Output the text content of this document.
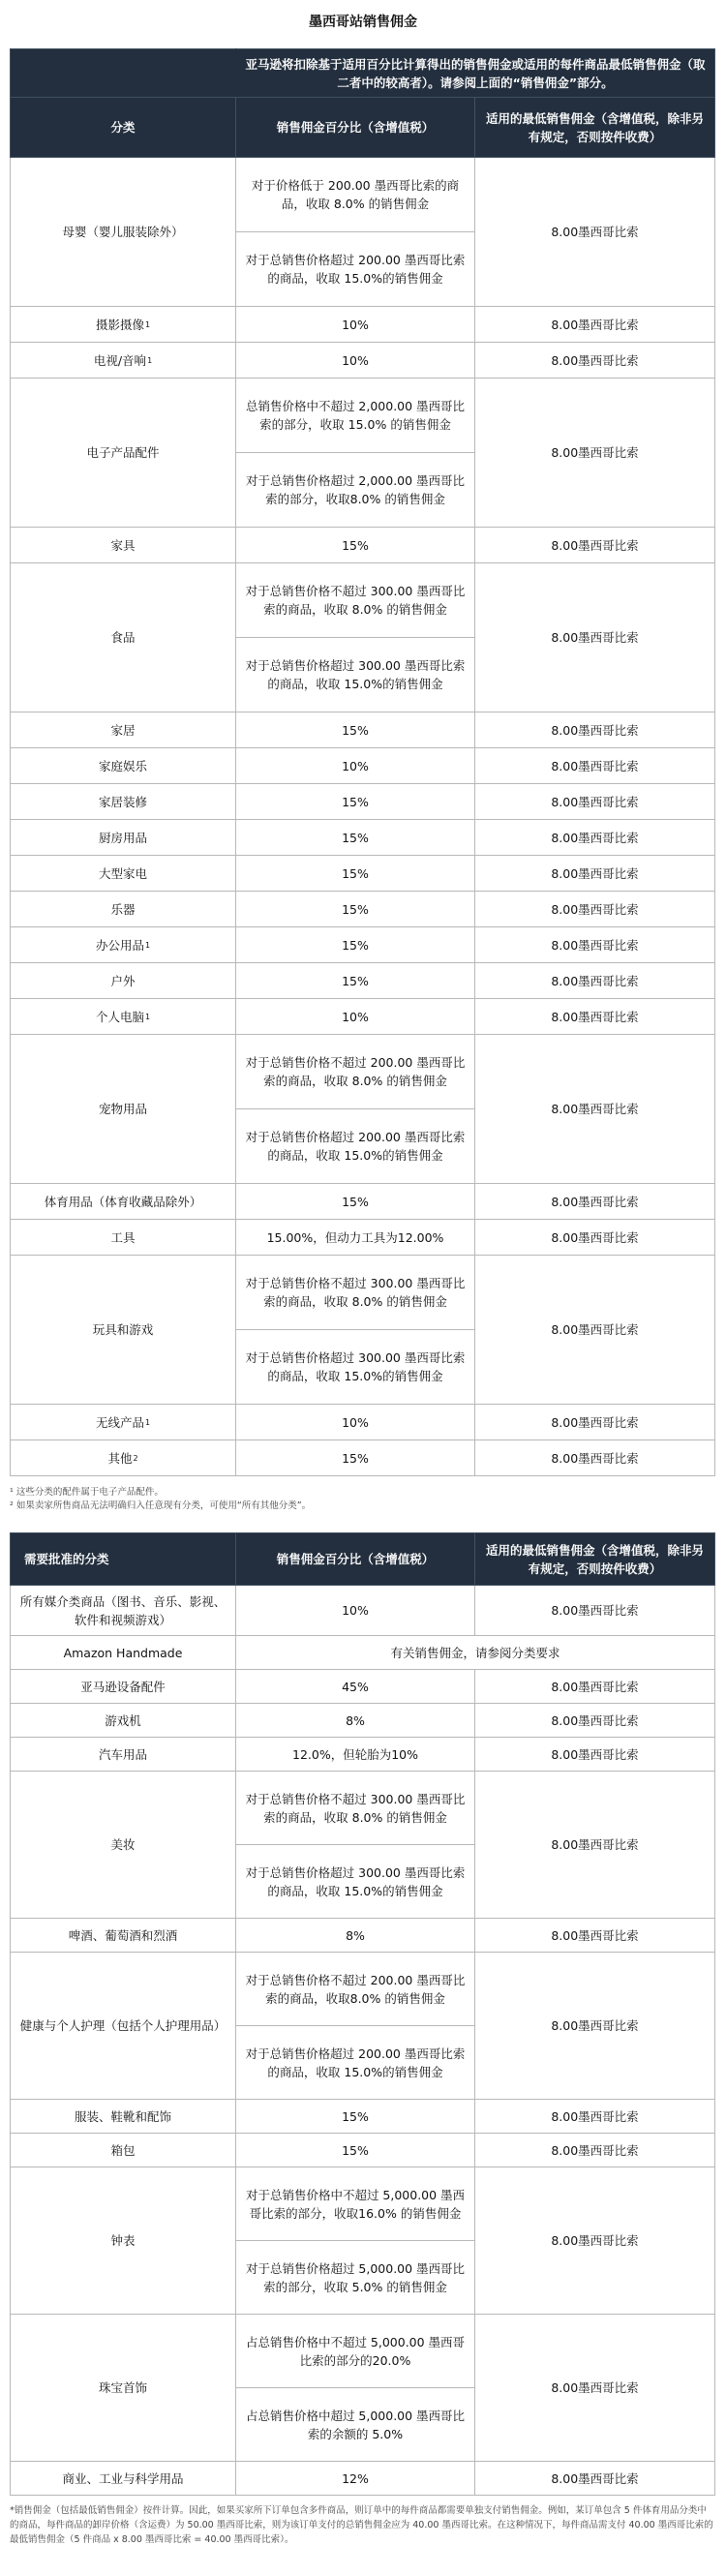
墨西哥站销售佣金
	亚马逊将扣除基于适用百分比计算得出的销售佣金或适用的每件商品最低销售佣金（取二者中的较高者）。请参阅上面的“销售佣金”部分。	
分类	销售佣金百分比（含增值税）	适用的最低销售佣金（含增值税，除非另有规定，否则按件收费）
母婴（婴儿服装除外）	对于价格低于 200.00 墨西哥比索的商品，收取 8.0% 的销售佣金	8.00墨西哥比索
	对于总销售价格超过 200.00 墨西哥比索的商品，收取 15.0%的销售佣金	
摄影摄像$^1$	10%	8.00墨西哥比索
电视/音响$^1$	10%	8.00墨西哥比索
电子产品配件	总销售价格中不超过 2,000.00 墨西哥比索的部分，收取 15.0% 的销售佣金	8.00墨西哥比索
	对于总销售价格超过 2,000.00 墨西哥比索的部分，收取8.0% 的销售佣金	
家具	15%	8.00墨西哥比索
食品	对于总销售价格不超过 300.00 墨西哥比索的商品，收取 8.0% 的销售佣金	8.00墨西哥比索
	对于总销售价格超过 300.00 墨西哥比索的商品，收取 15.0%的销售佣金	
家居	15%	8.00墨西哥比索
家庭娱乐	10%	8.00墨西哥比索
家居装修	15%	8.00墨西哥比索
厨房用品	15%	8.00墨西哥比索
大型家电	15%	8.00墨西哥比索
乐器	15%	8.00墨西哥比索
办公用品$^1$	15%	8.00墨西哥比索
户外	15%	8.00墨西哥比索
个人电脑$^1$	10%	8.00墨西哥比索
宠物用品	对于总销售价格不超过 200.00 墨西哥比索的商品，收取 8.0% 的销售佣金	8.00墨西哥比索
	对于总销售价格超过 200.00 墨西哥比索的商品，收取 15.0%的销售佣金	
体育用品（体育收藏品除外）	15%	8.00墨西哥比索
工具	15.00%，但动力工具为12.00%	8.00墨西哥比索
玩具和游戏	对于总销售价格不超过 300.00 墨西哥比索的商品，收取 8.0% 的销售佣金	8.00墨西哥比索
	对于总销售价格超过 300.00 墨西哥比索的商品，收取 15.0%的销售佣金	
无线产品$^1$	10%	8.00墨西哥比索
其他$^2$	15%	8.00墨西哥比索
¹ 这些分类的配件属于电子产品配件。
² 如果卖家所售商品无法明确归入任意现有分类，可使用“所有其他分类”。
需要批准的分类	销售佣金百分比（含增值税）	适用的最低销售佣金（含增值税，除非另有规定，否则按件收费）
所有媒介类商品（图书、音乐、影视、软件和视频游戏）	10%	8.00墨西哥比索
Amazon Handmade	有关销售佣金，请参阅分类要求	
亚马逊设备配件	45%	8.00墨西哥比索
游戏机	8%	8.00墨西哥比索
汽车用品	12.0%，但轮胎为10%	8.00墨西哥比索
美妆	对于总销售价格不超过 300.00 墨西哥比索的商品，收取 8.0% 的销售佣金	8.00墨西哥比索
	对于总销售价格超过 300.00 墨西哥比索的商品，收取 15.0%的销售佣金	
啤酒、葡萄酒和烈酒	8%	8.00墨西哥比索
健康与个人护理（包括个人护理用品）	对于总销售价格不超过 200.00 墨西哥比索的商品，收取8.0% 的销售佣金	8.00墨西哥比索
	对于总销售价格超过 200.00 墨西哥比索的商品，收取 15.0%的销售佣金	
服装、鞋靴和配饰	15%	8.00墨西哥比索
箱包	15%	8.00墨西哥比索
钟表	对于总销售价格中不超过 5,000.00 墨西哥比索的部分，收取16.0% 的销售佣金	8.00墨西哥比索
	对于总销售价格超过 5,000.00 墨西哥比索的部分，收取 5.0% 的销售佣金	
珠宝首饰	占总销售价格中不超过 5,000.00 墨西哥比索的部分的20.0%	8.00墨西哥比索
	占总销售价格中超过 5,000.00 墨西哥比索的余额的 5.0%	
商业、工业与科学用品	12%	8.00墨西哥比索
*销售佣金（包括最低销售佣金）按件计算。因此，如果买家所下订单包含多件商品，则订单中的每件商品都需要单独支付销售佣金。例如，某订单包含 5 件体育用品分类中的商品，每件商品的卸岸价格（含运费）为 50.00 墨西哥比索，则为该订单支付的总销售佣金应为 40.00 墨西哥比索。在这种情况下，每件商品需支付 40.00 墨西哥比索的最低销售佣金（5 件商品 x 8.00 墨西哥比索 = 40.00 墨西哥比索）。
